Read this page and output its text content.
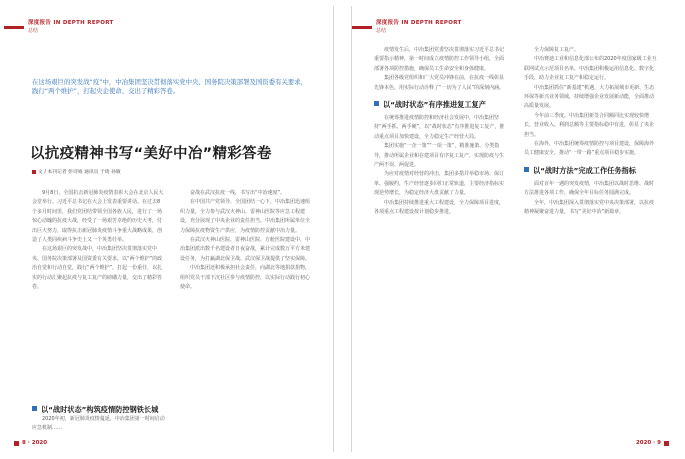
深度报告 IN DEPTH REPORT
总结
在这场艰巨的突发战“疫”中，中冶集团坚决贯彻落实党中央、国务院决策部署及国资委有关要求，践行“两个维护”，打起央企使命、交出了精彩答卷。
以抗疫精神书写“美好中冶”精彩答卷
文 / 本刊记者 彭诗娟 通讯员 于琦 孙敏

9月8日，全国抗击新冠肺炎疫情表彰大会在北京人民大会堂举行。习近平总书记在大会上发表重要讲话。在过去8个多月时间里，我们党团结带领全国各族人民，进行了一场惊心动魄的抗疫大战，经受了一场艰苦卓绝的历史大考，付出巨大努力，取得抗击新冠肺炎疫情斗争重大战略成果，创造了人类同疾病斗争史上又一个英勇壮举。

在这场艰巨的突发战中，中冶集团坚决贯彻落实党中央、国务院决策部署及国资委有关要求，以“两个维护”的政治自觉和行动自觉，践行“两个维护”，打起一份重任，以扎实的行动汇聚起抗疫与复工复产的磅礴力量，交出了精彩答卷。

以“战时状态”构筑疫情防控钢铁长城

2020年初，新冠肺炎疫情蔓延，中冶集团第一时间启动应急机制……

奋战在武汉抗疫一线，书写出“中冶速度”。

在中国共产党领导、全国团结一心下，中冶集团迅速组织力量，全力参与武汉火神山、雷神山医院等应急工程建设，充分展现了中央企业的责任担当。中冶集团所属单位全力保障抗疫物资生产供应，为疫情防控贡献中冶力量。

在武汉火神山医院、雷神山医院、方舱医院建设中，中冶集团派出数千名建设者日夜奋战，累计完成数万平方米建设任务，为打赢湖北保卫战、武汉保卫战提供了坚实保障。

中冶集团还积极承担社会责任，向湖北等地捐款捐物，组织党员干部下沉社区参与疫情防控，以实际行动践行初心使命。

8 · 2020
深度报告 IN DEPTH REPORT
总结

疫情发生后，中冶集团党委坚决贯彻落实习近平总书记重要指示精神，第一时间成立疫情防控工作领导小组，全面部署各项防控措施，确保员工生命安全和身体健康。

集团各级党组织和广大党员冲锋在前，在抗疫一线彰显先锋本色，用实际行动诠释了“一切为了人民”的深刻内涵。

以“战时状态”有序推进复工复产

在统筹推进疫情防控和经济社会发展中，中冶集团坚持“两手抓、两手硬”，以“战时状态”有序推进复工复产，推动重点项目加快建设，全力稳定生产经营大局。

集团实施“一企一策”“一项一策”，精准施策、分类指导，推动所属企业和在建项目有序复工复产，实现防疫与生产两不误、两促进。

为应对疫情对经营的冲击，集团多措并举稳市场、保订单、强履约，生产经营逐步回归正常轨道，主要经济指标实现逆势增长，为稳定经济大盘贡献了力量。

中冶集团持续推进重大工程建设，全力保障项目进度，各项重点工程建设按计划稳步推进。

全力保障复工复产。

中冶赛迪工业和信息化部公布的2020年度国家级工业互联网试点示范项目名单，中冶集团积极运用信息化、数字化手段，助力企业复工复产和稳定运行。

中冶集团抓住“新基建”机遇，大力拓展城市更新、生态环保等新兴业务领域，持续增强企业发展新动能，全面推动高质量发展。

今年前三季度，中冶集团新签合同额同比实现较快增长，营业收入、利润总额等主要指标稳中有进，彰显了央企担当。

在海外，中冶集团统筹疫情防控与项目建设，保障海外员工健康安全，推动“一带一路”重点项目稳步实施。

以“战时方法”完成工作任务指标

面对百年一遇的突发疫情，中冶集团以战时思维、战时方法推进各项工作，确保全年目标任务圆满完成。

全年，中冶集团深入贯彻落实党中央决策部署，以抗疫精神凝聚奋进力量，书写“美好中冶”新篇章。

2020 · 9
